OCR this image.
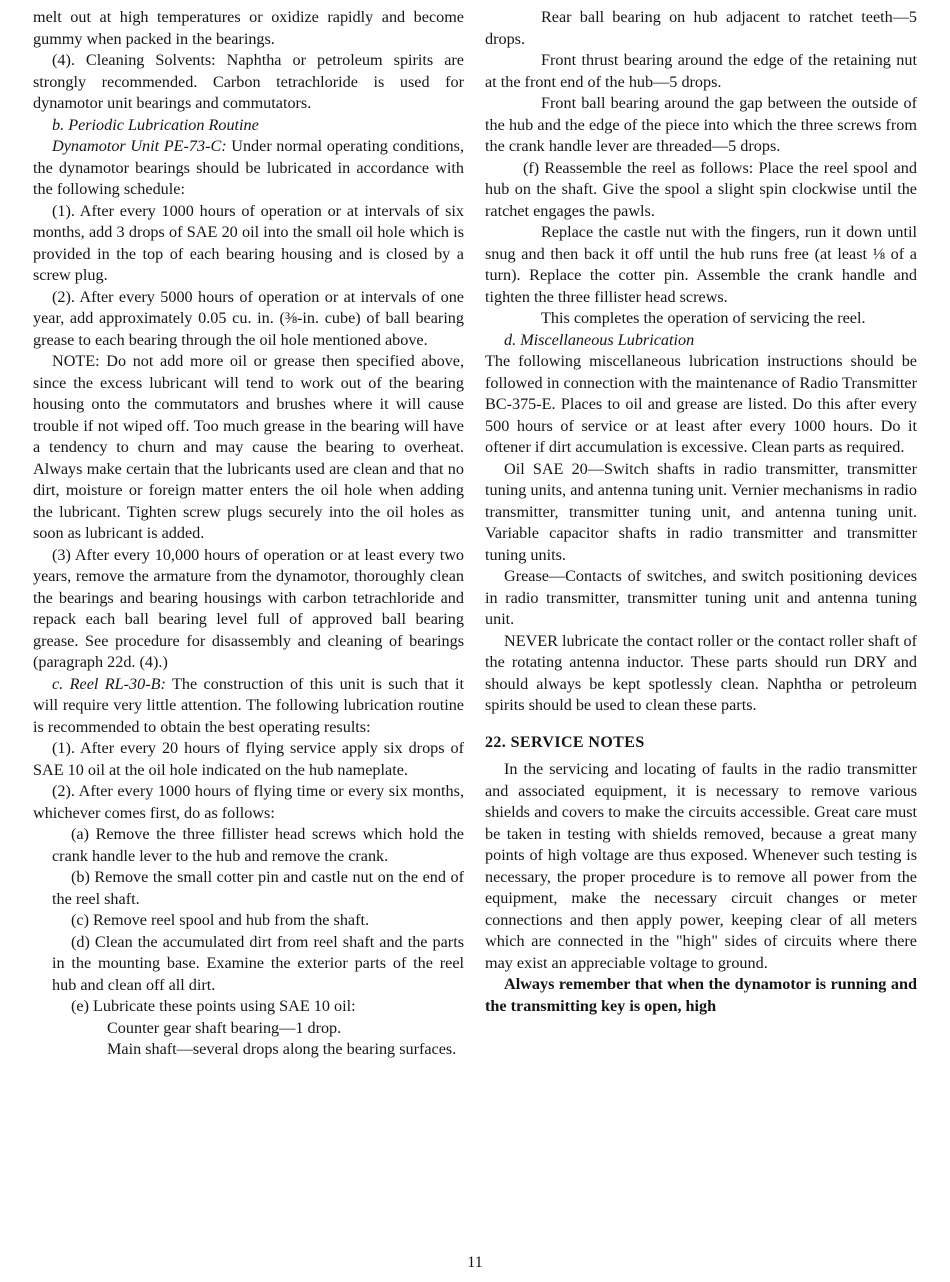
melt out at high temperatures or oxidize rapidly and become gummy when packed in the bearings.

(4). Cleaning Solvents: Naphtha or petroleum spirits are strongly recommended. Carbon tetrachloride is used for dynamotor unit bearings and commutators.

b. Periodic Lubrication Routine

Dynamotor Unit PE-73-C: Under normal operating conditions, the dynamotor bearings should be lubricated in accordance with the following schedule:

(1). After every 1000 hours of operation or at intervals of six months, add 3 drops of SAE 20 oil into the small oil hole which is provided in the top of each bearing housing and is closed by a screw plug.

(2). After every 5000 hours of operation or at intervals of one year, add approximately 0.05 cu. in. (⅜-in. cube) of ball bearing grease to each bearing through the oil hole mentioned above.

NOTE: Do not add more oil or grease then specified above, since the excess lubricant will tend to work out of the bearing housing onto the commutators and brushes where it will cause trouble if not wiped off. Too much grease in the bearing will have a tendency to churn and may cause the bearing to overheat. Always make certain that the lubricants used are clean and that no dirt, moisture or foreign matter enters the oil hole when adding the lubricant. Tighten screw plugs securely into the oil holes as soon as lubricant is added.

(3) After every 10,000 hours of operation or at least every two years, remove the armature from the dynamotor, thoroughly clean the bearings and bearing housings with carbon tetrachloride and repack each ball bearing level full of approved ball bearing grease. See procedure for disassembly and cleaning of bearings (paragraph 22d. (4).)

c. Reel RL-30-B: The construction of this unit is such that it will require very little attention. The following lubrication routine is recommended to obtain the best operating results:

(1). After every 20 hours of flying service apply six drops of SAE 10 oil at the oil hole indicated on the hub nameplate.

(2). After every 1000 hours of flying time or every six months, whichever comes first, do as follows:

(a) Remove the three fillister head screws which hold the crank handle lever to the hub and remove the crank.

(b) Remove the small cotter pin and castle nut on the end of the reel shaft.

(c) Remove reel spool and hub from the shaft.

(d) Clean the accumulated dirt from reel shaft and the parts in the mounting base. Examine the exterior parts of the reel hub and clean off all dirt.

(e) Lubricate these points using SAE 10 oil:

Counter gear shaft bearing—1 drop.

Main shaft—several drops along the bearing surfaces.

Rear ball bearing on hub adjacent to ratchet teeth—5 drops.

Front thrust bearing around the edge of the retaining nut at the front end of the hub—5 drops.

Front ball bearing around the gap between the outside of the hub and the edge of the piece into which the three screws from the crank handle lever are threaded—5 drops.

(f) Reassemble the reel as follows: Place the reel spool and hub on the shaft. Give the spool a slight spin clockwise until the ratchet engages the pawls.

Replace the castle nut with the fingers, run it down until snug and then back it off until the hub runs free (at least ⅛ of a turn). Replace the cotter pin. Assemble the crank handle and tighten the three fillister head screws.

This completes the operation of servicing the reel.

d. Miscellaneous Lubrication

The following miscellaneous lubrication instructions should be followed in connection with the maintenance of Radio Transmitter BC-375-E. Places to oil and grease are listed. Do this after every 500 hours of service or at least after every 1000 hours. Do it oftener if dirt accumulation is excessive. Clean parts as required.

Oil SAE 20—Switch shafts in radio transmitter, transmitter tuning units, and antenna tuning unit. Vernier mechanisms in radio transmitter, transmitter tuning unit, and antenna tuning unit. Variable capacitor shafts in radio transmitter and transmitter tuning units.

Grease—Contacts of switches, and switch positioning devices in radio transmitter, transmitter tuning unit and antenna tuning unit.

NEVER lubricate the contact roller or the contact roller shaft of the rotating antenna inductor. These parts should run DRY and should always be kept spotlessly clean. Naphtha or petroleum spirits should be used to clean these parts.

22. SERVICE NOTES

In the servicing and locating of faults in the radio transmitter and associated equipment, it is necessary to remove various shields and covers to make the circuits accessible. Great care must be taken in testing with shields removed, because a great many points of high voltage are thus exposed. Whenever such testing is necessary, the proper procedure is to remove all power from the equipment, make the necessary circuit changes or meter connections and then apply power, keeping clear of all meters which are connected in the "high" sides of circuits where there may exist an appreciable voltage to ground.

Always remember that when the dynamotor is running and the transmitting key is open, high

11
